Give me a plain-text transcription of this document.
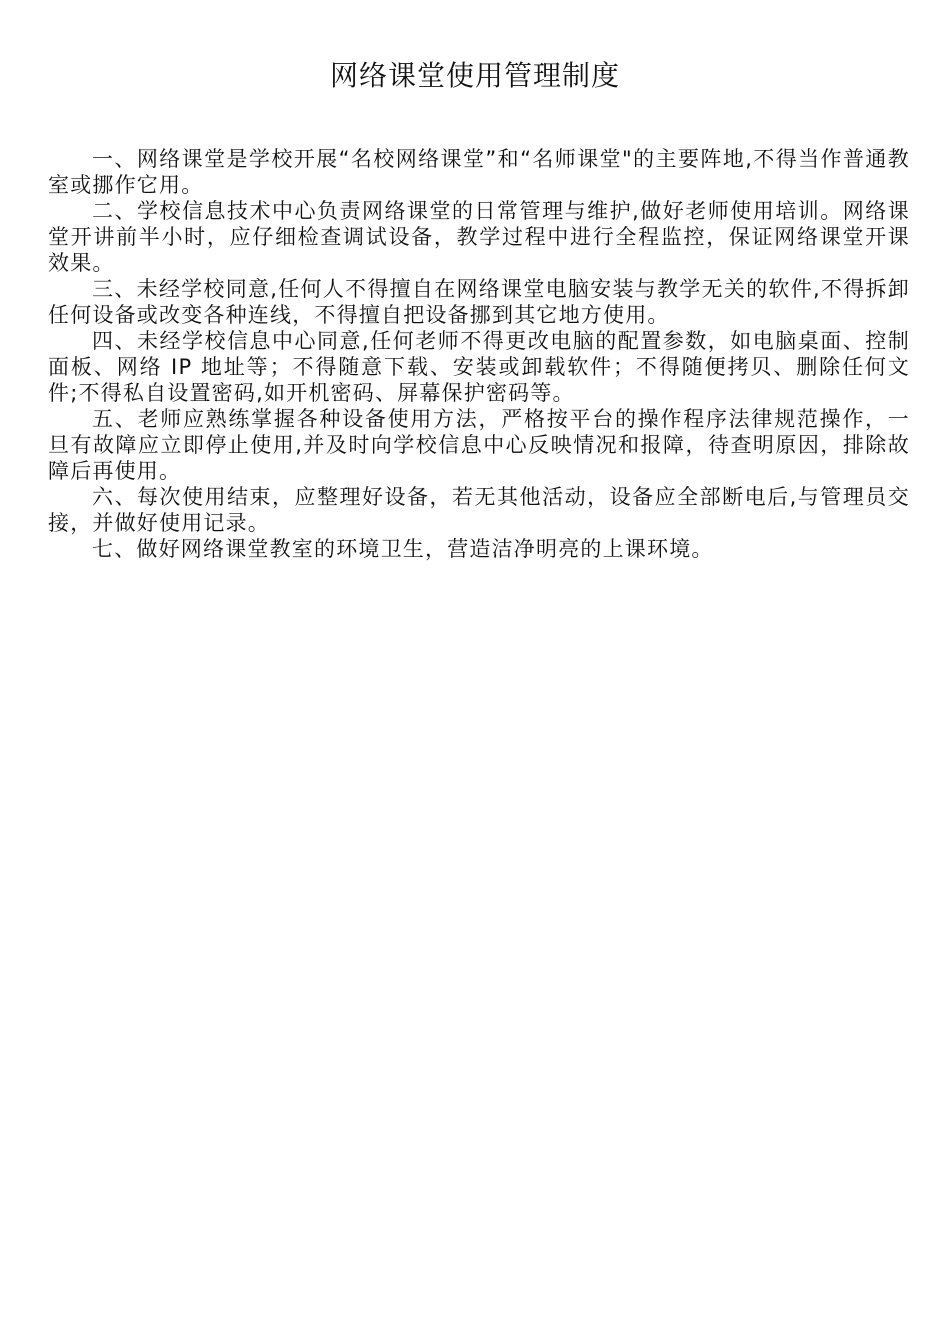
网络课堂使用管理制度

一、网络课堂是学校开展“名校网络课堂”和“名师课堂"的主要阵地,不得当作普通教室或挪作它用。

二、学校信息技术中心负责网络课堂的日常管理与维护,做好老师使用培训。网络课堂开讲前半小时，应仔细检查调试设备，教学过程中进行全程监控，保证网络课堂开课效果。

三、未经学校同意,任何人不得擅自在网络课堂电脑安装与教学无关的软件,不得拆卸任何设备或改变各种连线，不得擅自把设备挪到其它地方使用。

四、未经学校信息中心同意,任何老师不得更改电脑的配置参数，如电脑桌面、控制面板、网络 IP 地址等；不得随意下载、安装或卸载软件；不得随便拷贝、删除任何文件;不得私自设置密码,如开机密码、屏幕保护密码等。

五、老师应熟练掌握各种设备使用方法，严格按平台的操作程序法律规范操作，一旦有故障应立即停止使用,并及时向学校信息中心反映情况和报障，待查明原因，排除故障后再使用。

六、每次使用结束，应整理好设备，若无其他活动，设备应全部断电后,与管理员交接，并做好使用记录。

七、做好网络课堂教室的环境卫生，营造洁净明亮的上课环境。
